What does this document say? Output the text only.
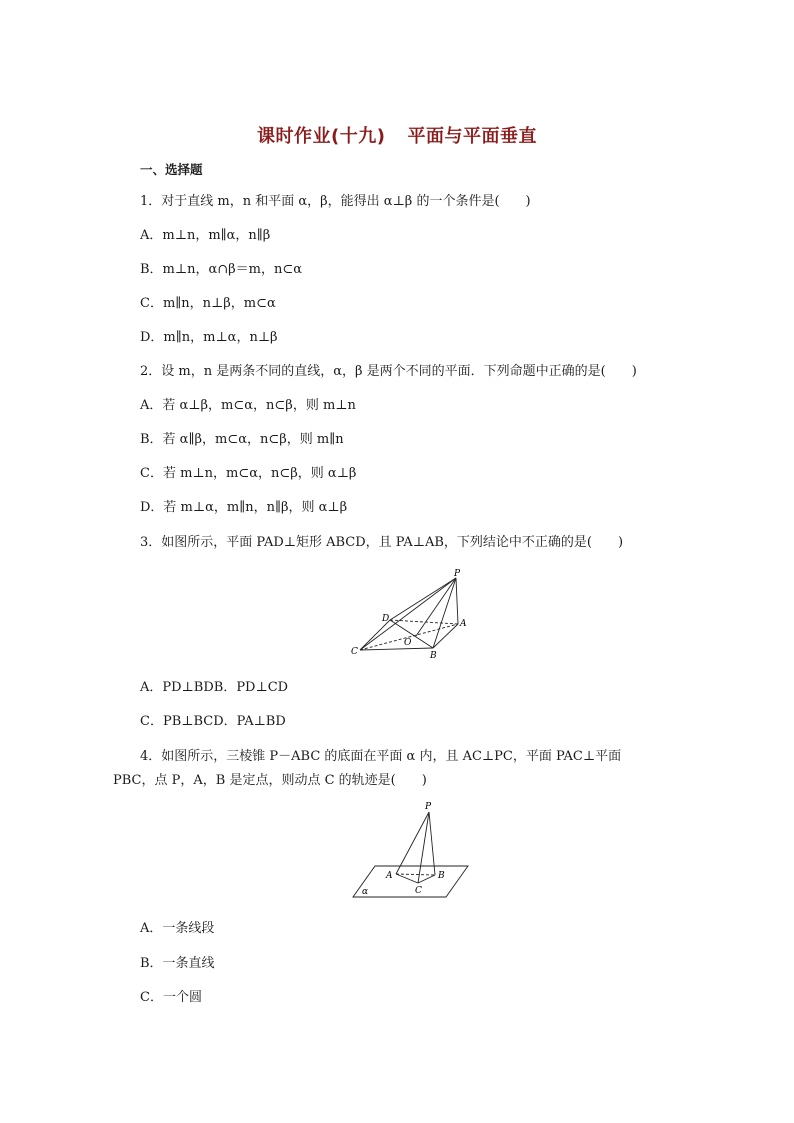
课时作业(十九) 平面与平面垂直
一、选择题
1．对于直线 m，n 和平面 α，β，能得出 α⊥β 的一个条件是(　　)
A．m⊥n，m∥α，n∥β
B．m⊥n，α∩β＝m，n⊂α
C．m∥n，n⊥β，m⊂α
D．m∥n，m⊥α，n⊥β
2．设 m，n 是两条不同的直线，α，β 是两个不同的平面．下列命题中正确的是(　　)
A．若 α⊥β，m⊂α，n⊂β，则 m⊥n
B．若 α∥β，m⊂α，n⊂β，则 m∥n
C．若 m⊥n，m⊂α，n⊂β，则 α⊥β
D．若 m⊥α，m∥n，n∥β，则 α⊥β
3．如图所示，平面 PAD⊥矩形 ABCD，且 PA⊥AB，下列结论中不正确的是(　　)
P
D	A
O
C	B
A．PD⊥BDB．PD⊥CD
C．PB⊥BCD．PA⊥BD
4．如图所示，三棱锥 P－ABC 的底面在平面 α 内，且 AC⊥PC，平面 PAC⊥平面 PBC，点 P，A，B 是定点，则动点 C 的轨迹是(　　)
P
A	B
C
α
A．一条线段
B．一条直线
C．一个圆
